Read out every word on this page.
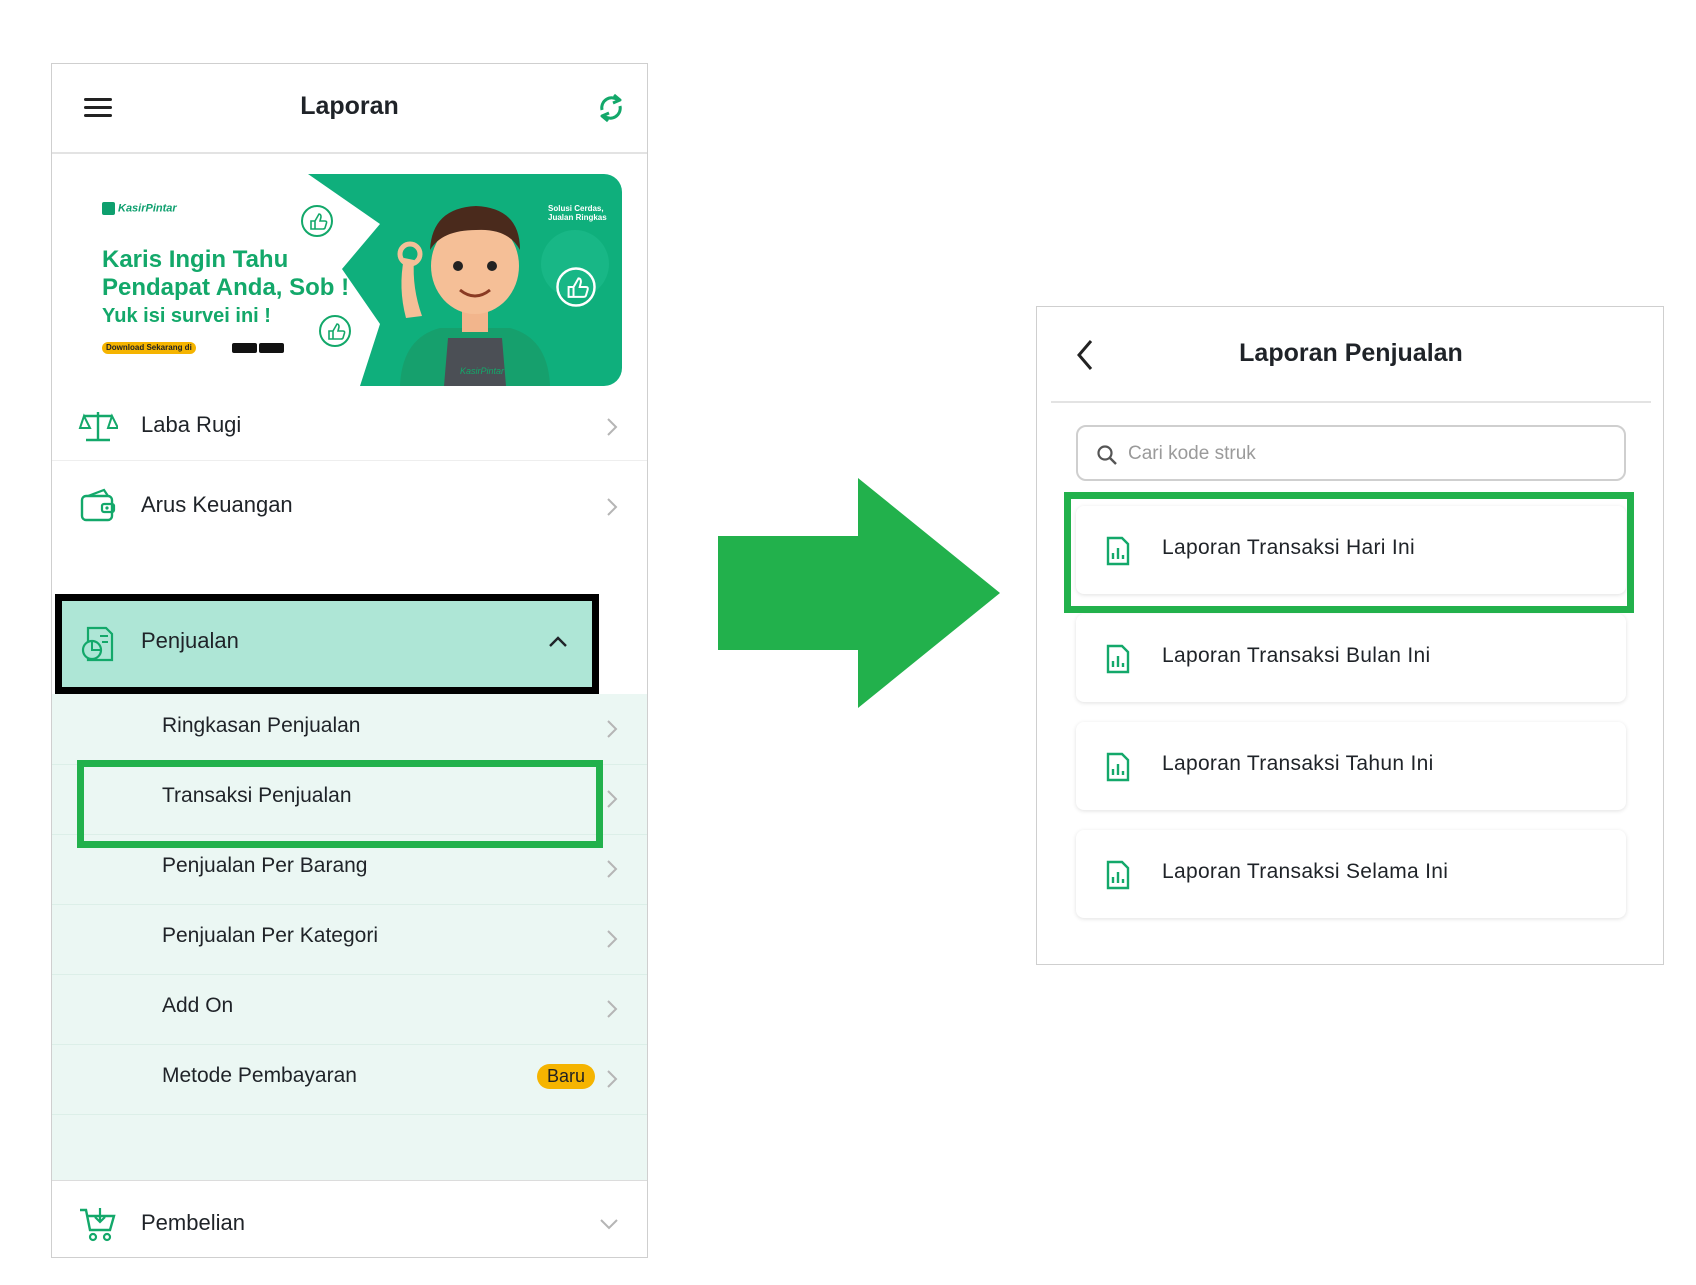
Laporan
KasirPintar
Karis Ingin Tahu
Pendapat Anda, Sob !
Yuk isi survei ini !
Download Sekarang di
Solusi Cerdas,
Jualan Ringkas
KasirPintar
Laba Rugi
Arus Keuangan
Penjualan
Ringkasan Penjualan
Transaksi Penjualan
Penjualan Per Barang
Penjualan Per Kategori
Add On
Metode Pembayaran	Baru
Pembelian
Laporan Penjualan
Cari kode struk
Laporan Transaksi Hari Ini
Laporan Transaksi Bulan Ini
Laporan Transaksi Tahun Ini
Laporan Transaksi Selama Ini
